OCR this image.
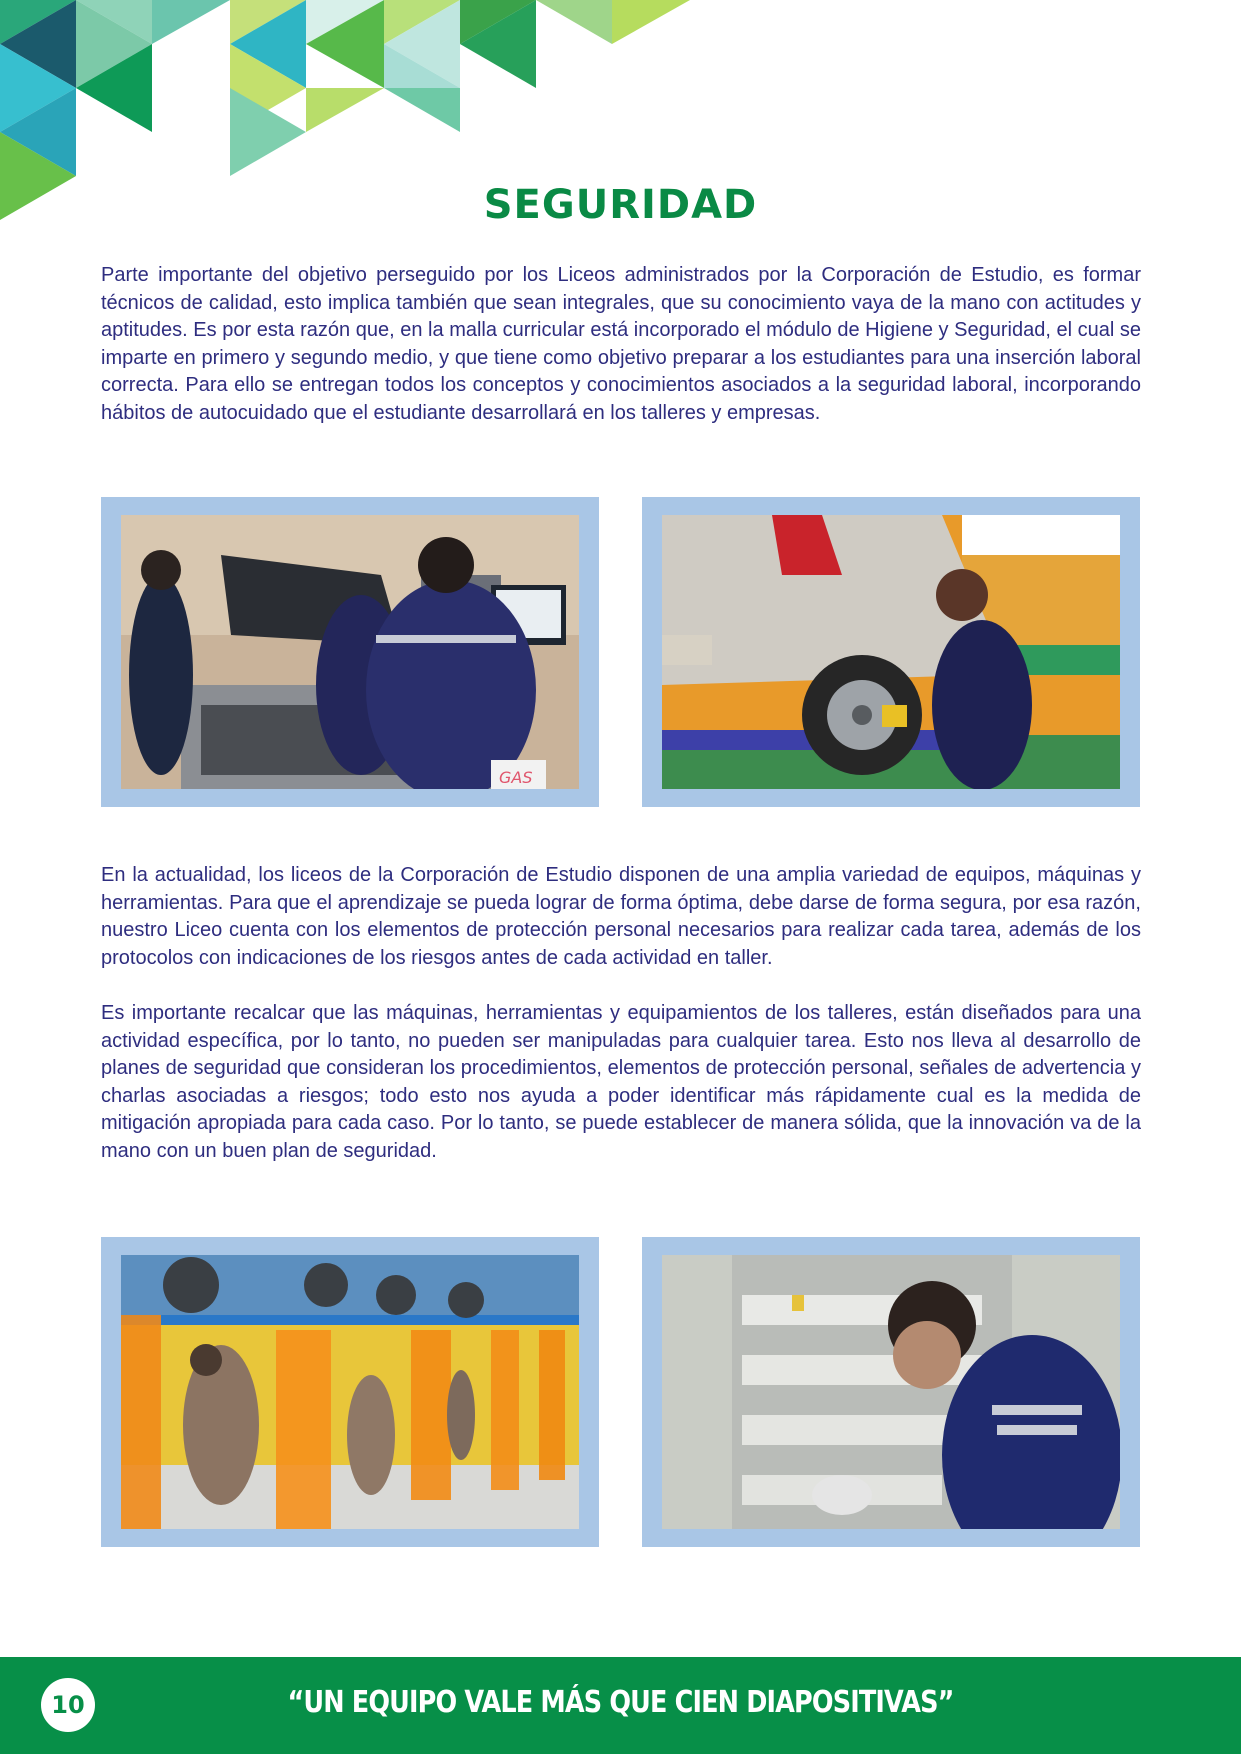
SEGURIDAD

Parte importante del objetivo perseguido por los Liceos administrados por la Corporación de Estudio, es formar técnicos de calidad, esto implica también que sean integrales, que su conocimiento vaya de la mano con actitudes y aptitudes. Es por esta razón que, en la malla curricular está incorporado el módulo de Higiene y Seguridad, el cual se imparte en primero y segundo medio, y que tiene como objetivo preparar a los estudiantes para una inserción laboral correcta. Para ello se entregan todos los conceptos y conocimientos asociados a la seguridad laboral, incorporando hábitos de autocuidado que el estudiante desarrollará en los talleres y empresas.

GAS

En la actualidad, los liceos de la Corporación de Estudio disponen de una amplia variedad de equipos, máquinas y herramientas. Para que el aprendizaje se pueda lograr de forma óptima, debe darse de forma segura, por esa razón, nuestro Liceo cuenta con los elementos de protección personal necesarios para realizar cada tarea, además de los protocolos con indicaciones de los riesgos antes de cada actividad en taller.

Es importante recalcar que las máquinas, herramientas y equipamientos de los talleres, están diseñados para una actividad específica, por lo tanto, no pueden ser manipuladas para cualquier tarea. Esto nos lleva al desarrollo de planes de seguridad que consideran los procedimientos, elementos de protección personal, señales de advertencia y charlas asociadas a riesgos; todo esto nos ayuda a poder identificar más rápidamente cual es la medida de mitigación apropiada para cada caso. Por lo tanto, se puede establecer de manera sólida, que la innovación va de la mano con un buen plan de seguridad.

10	“UN EQUIPO VALE MÁS QUE CIEN DIAPOSITIVAS”
